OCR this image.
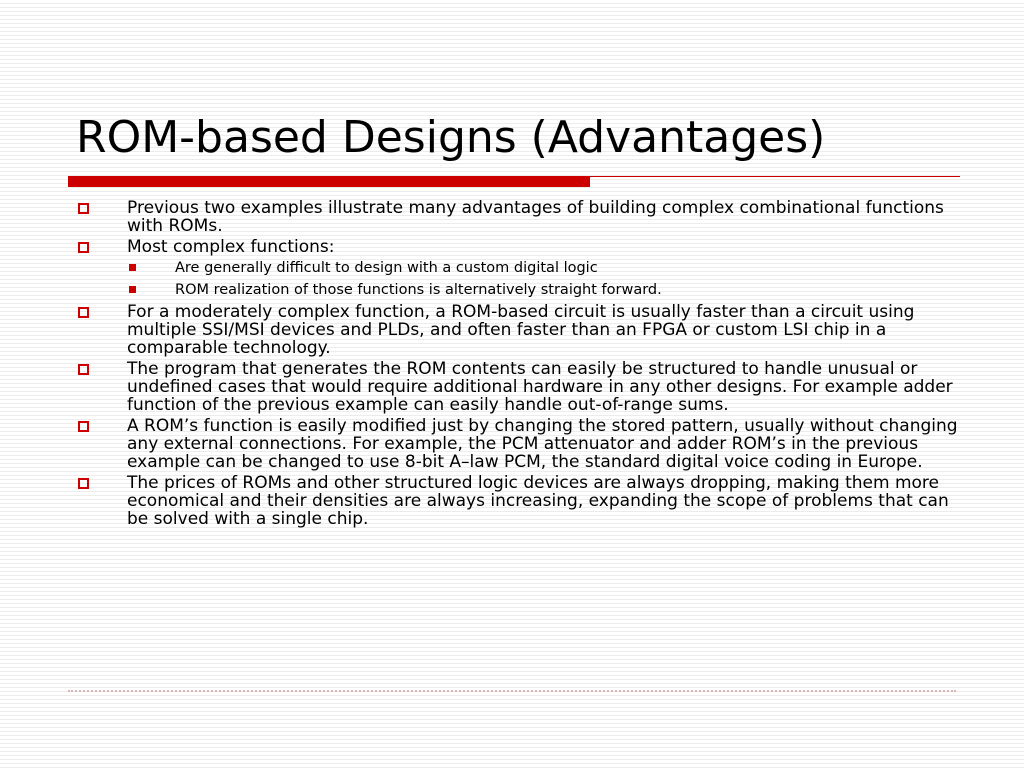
ROM-based Designs (Advantages)
Previous two examples illustrate many advantages of building complex combinational functions with ROMs.
Most complex functions:
Are generally difficult to design with a custom digital logic
ROM realization of those functions is alternatively straight forward.
For a moderately complex function, a ROM-based circuit is usually faster than a circuit using multiple SSI/MSI devices and PLDs, and often faster than an FPGA or custom LSI chip in a comparable technology.
The program that generates the ROM contents can easily be structured to handle unusual or undefined cases that would require additional hardware in any other designs. For example adder function of the previous example can easily handle out-of-range sums.
A ROM’s function is easily modified just by changing the stored pattern, usually without changing any external connections. For example, the PCM attenuator and adder ROM’s in the previous example can be changed to use 8-bit A–law PCM, the standard digital voice coding in Europe.
The prices of ROMs and other structured logic devices are always dropping, making them more economical and their densities are always increasing, expanding the scope of problems that can be solved with a single chip.
